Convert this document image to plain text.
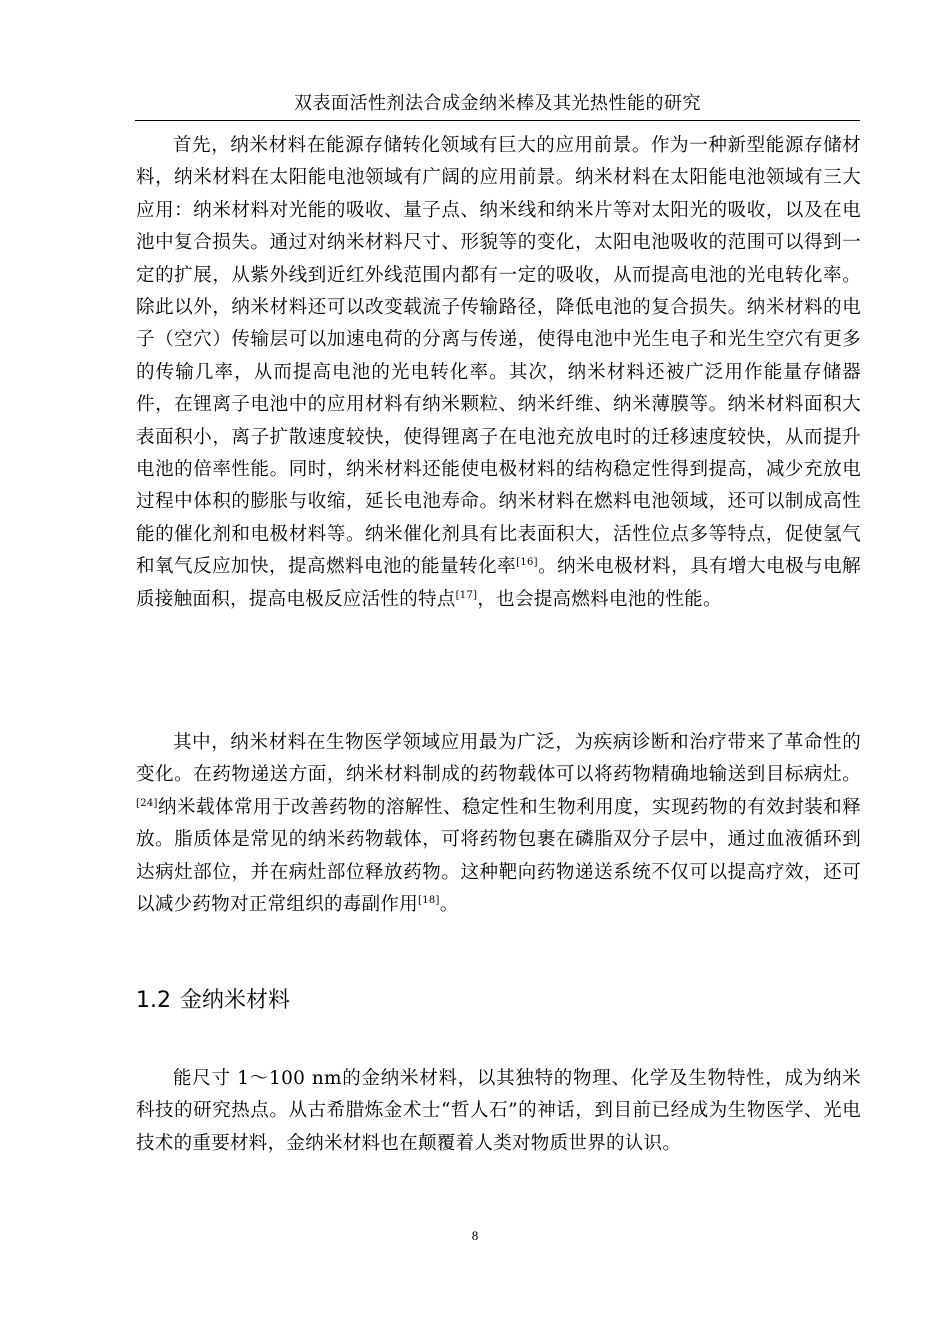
双表面活性剂法合成金纳米棒及其光热性能的研究

首先，纳米材料在能源存储转化领域有巨大的应用前景。作为一种新型能源存储材料，纳米材料在太阳能电池领域有广阔的应用前景。纳米材料在太阳能电池领域有三大应用：纳米材料对光能的吸收、量子点、纳米线和纳米片等对太阳光的吸收，以及在电池中复合损失。通过对纳米材料尺寸、形貌等的变化，太阳电池吸收的范围可以得到一定的扩展，从紫外线到近红外线范围内都有一定的吸收，从而提高电池的光电转化率。除此以外，纳米材料还可以改变载流子传输路径，降低电池的复合损失。纳米材料的电子（空穴）传输层可以加速电荷的分离与传递，使得电池中光生电子和光生空穴有更多的传输几率，从而提高电池的光电转化率。其次，纳米材料还被广泛用作能量存储器件，在锂离子电池中的应用材料有纳米颗粒、纳米纤维、纳米薄膜等。纳米材料面积大表面积小，离子扩散速度较快，使得锂离子在电池充放电时的迁移速度较快，从而提升电池的倍率性能。同时，纳米材料还能使电极材料的结构稳定性得到提高，减少充放电过程中体积的膨胀与收缩，延长电池寿命。纳米材料在燃料电池领域，还可以制成高性能的催化剂和电极材料等。纳米催化剂具有比表面积大，活性位点多等特点，促使氢气和氧气反应加快，提高燃料电池的能量转化率[16]。纳米电极材料，具有增大电极与电解质接触面积，提高电极反应活性的特点[17]，也会提高燃料电池的性能。

其中，纳米材料在生物医学领域应用最为广泛，为疾病诊断和治疗带来了革命性的变化。在药物递送方面，纳米材料制成的药物载体可以将药物精确地输送到目标病灶。[24]纳米载体常用于改善药物的溶解性、稳定性和生物利用度，实现药物的有效封装和释放。脂质体是常见的纳米药物载体，可将药物包裹在磷脂双分子层中，通过血液循环到达病灶部位，并在病灶部位释放药物。这种靶向药物递送系统不仅可以提高疗效，还可以减少药物对正常组织的毒副作用[18]。

1.2 金纳米材料

能尺寸 1～100 nm的金纳米材料，以其独特的物理、化学及生物特性，成为纳米科技的研究热点。从古希腊炼金术士“哲人石”的神话，到目前已经成为生物医学、光电技术的重要材料，金纳米材料也在颠覆着人类对物质世界的认识。

8
